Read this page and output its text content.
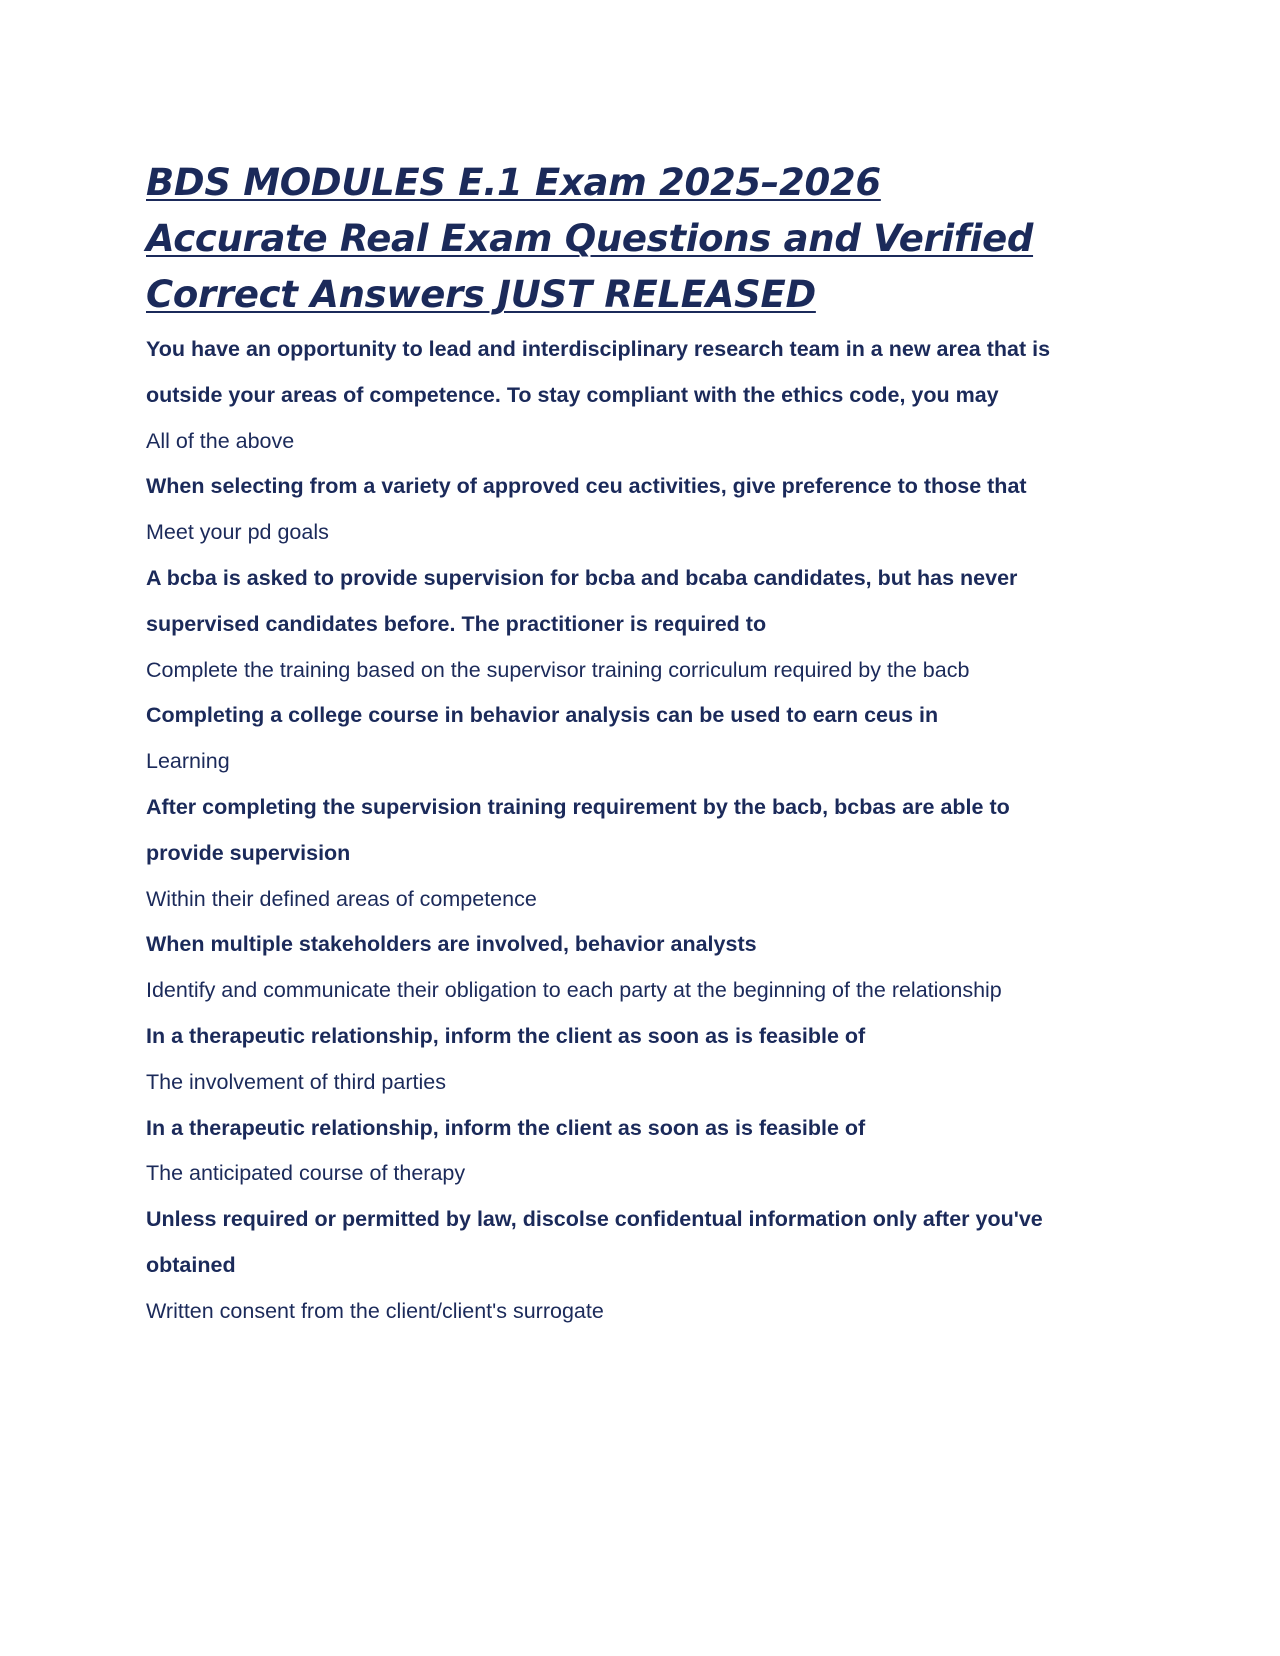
BDS MODULES E.1 Exam 2025–2026 Accurate Real Exam Questions and Verified Correct Answers JUST RELEASED

You have an opportunity to lead and interdisciplinary research team in a new area that is outside your areas of competence. To stay compliant with the ethics code, you may

All of the above

When selecting from a variety of approved ceu activities, give preference to those that

Meet your pd goals

A bcba is asked to provide supervision for bcba and bcaba candidates, but has never supervised candidates before. The practitioner is required to

Complete the training based on the supervisor training corriculum required by the bacb

Completing a college course in behavior analysis can be used to earn ceus in

Learning

After completing the supervision training requirement by the bacb, bcbas are able to provide supervision

Within their defined areas of competence

When multiple stakeholders are involved, behavior analysts

Identify and communicate their obligation to each party at the beginning of the relationship

In a therapeutic relationship, inform the client as soon as is feasible of

The involvement of third parties

In a therapeutic relationship, inform the client as soon as is feasible of

The anticipated course of therapy

Unless required or permitted by law, discolse confidentual information only after you've obtained

Written consent from the client/client's surrogate
